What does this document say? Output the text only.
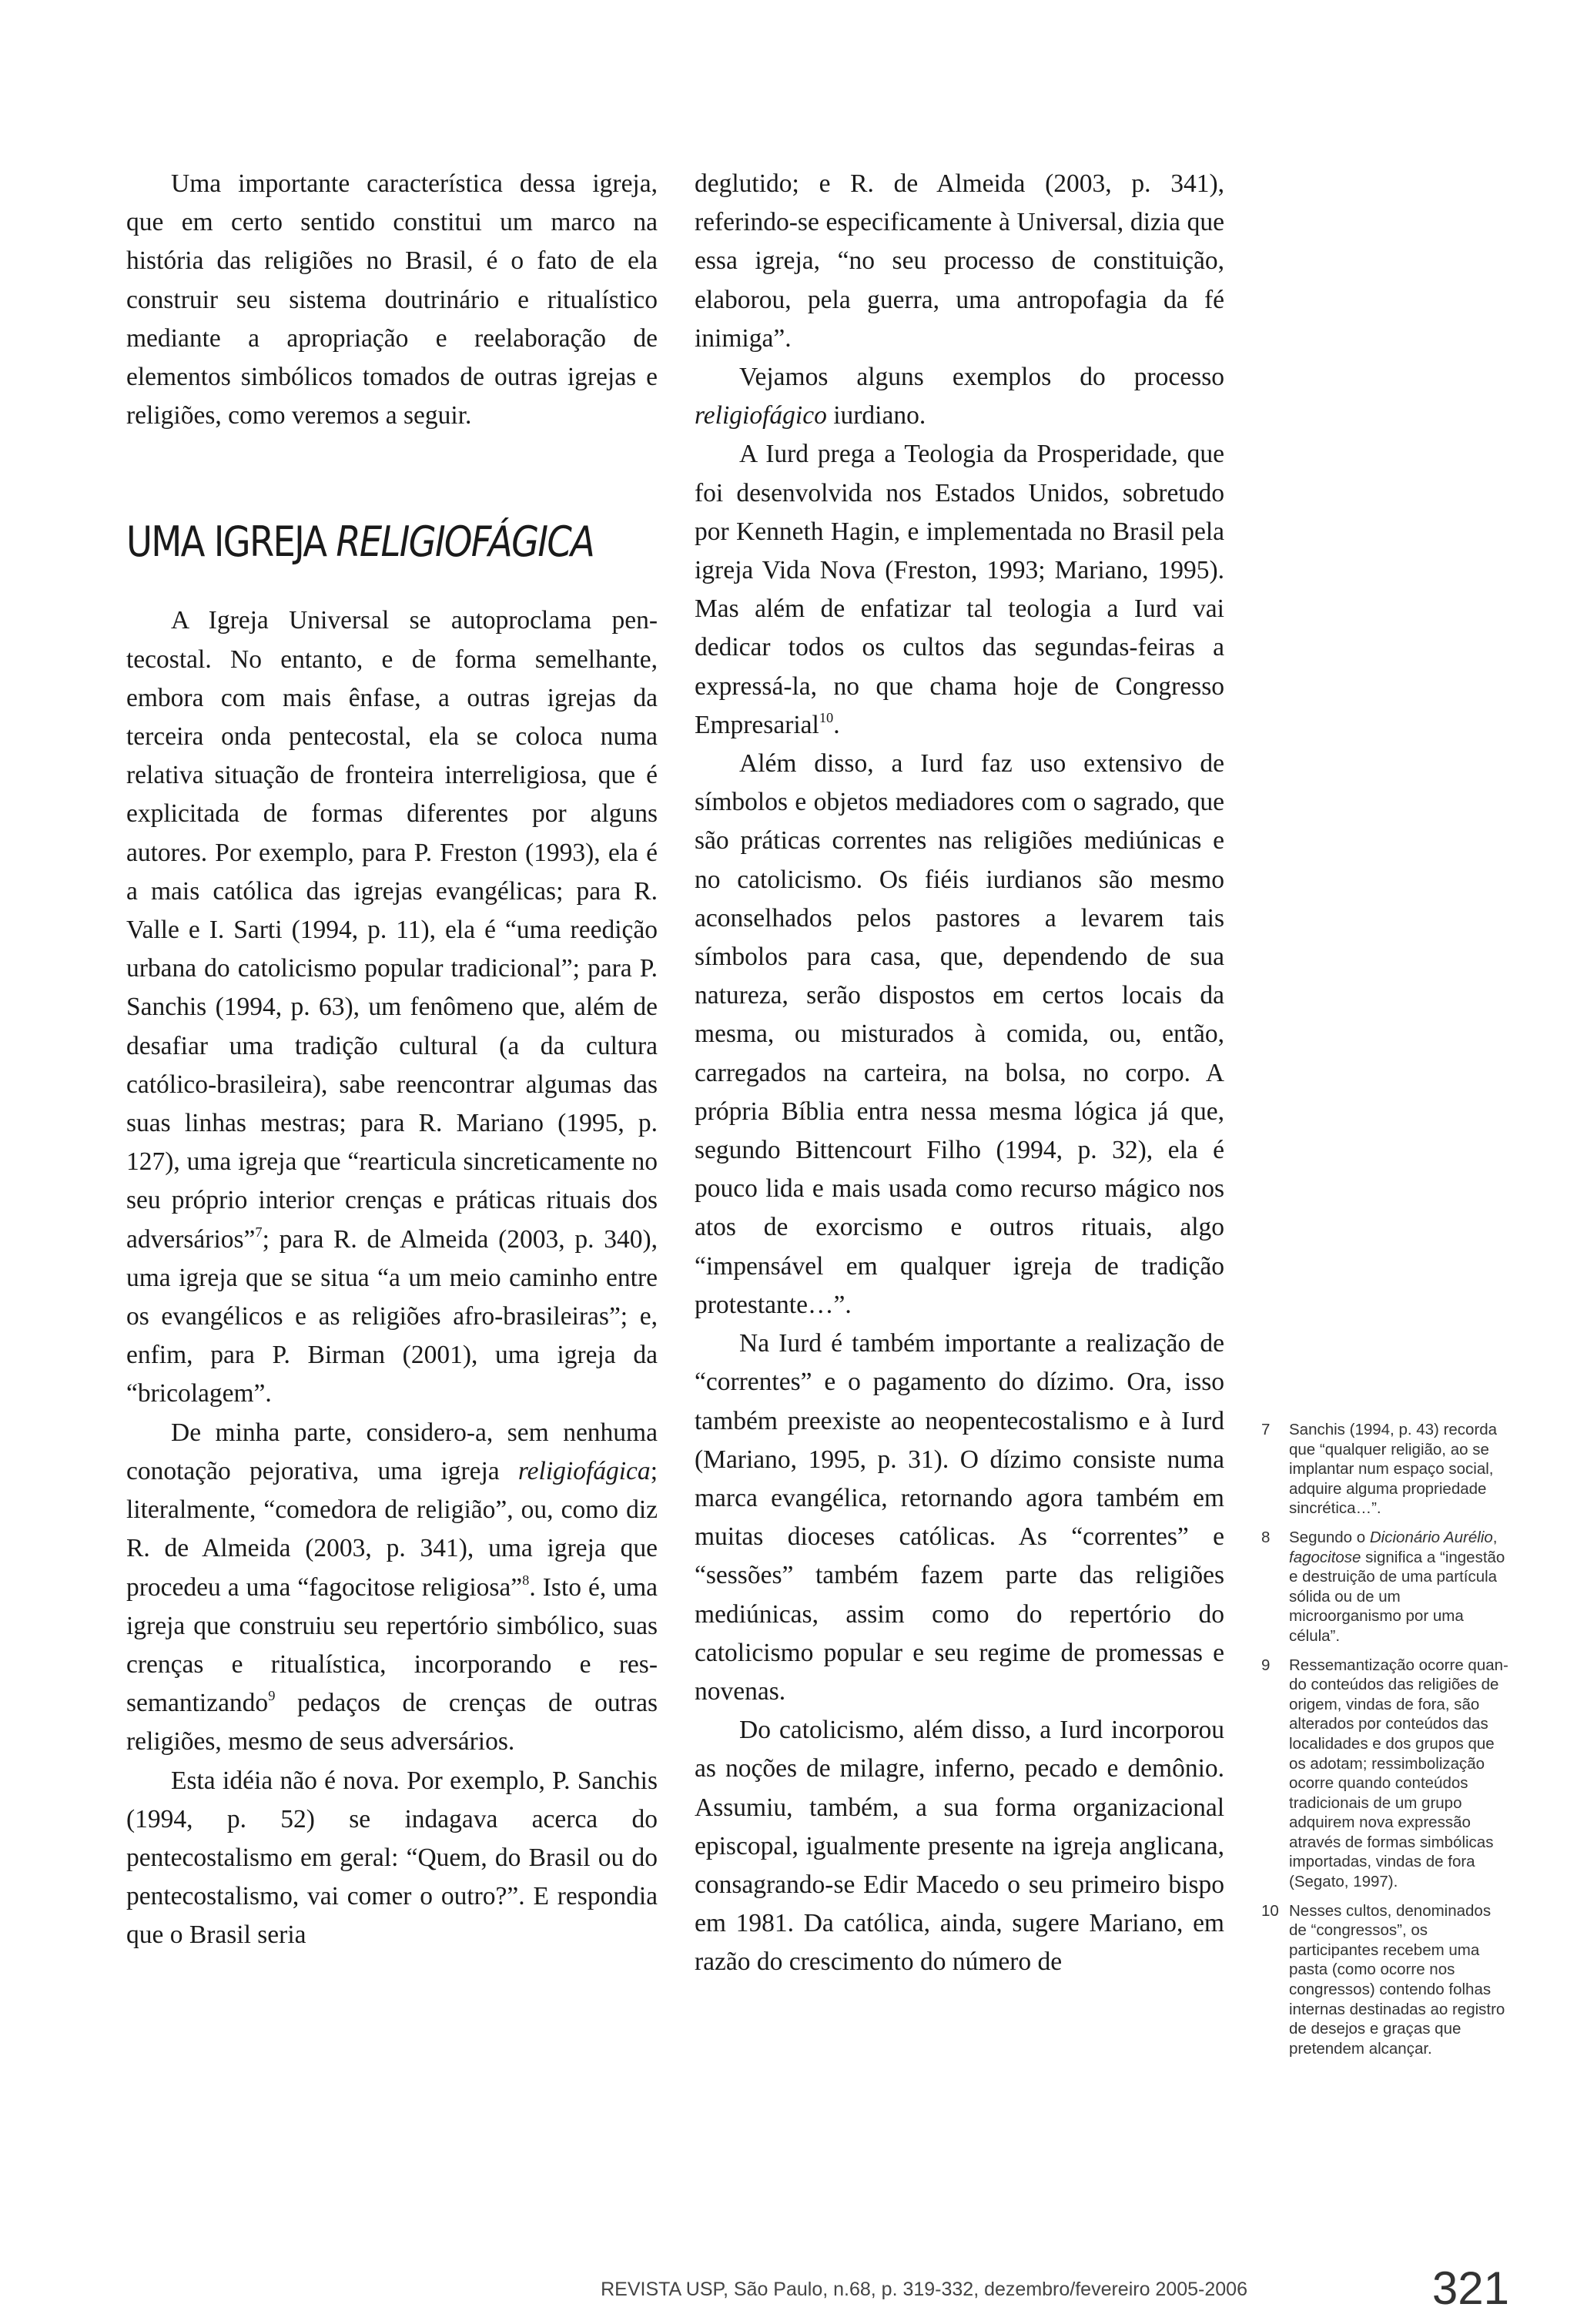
Uma importante característica dessa igreja, que em certo sentido constitui um marco na história das religiões no Brasil, é o fato de ela construir seu sistema doutrinário e ritualístico mediante a apropriação e reelaboração de elementos simbólicos tomados de outras igrejas e religiões, como veremos a seguir.

UMA IGREJA RELIGIOFÁGICA

A Igreja Universal se autoproclama pentecostal. No entanto, e de forma semelhante, embora com mais ênfase, a outras igrejas da terceira onda pentecostal, ela se coloca numa relativa situação de fronteira interreligiosa, que é explicitada de formas diferentes por alguns autores. Por exemplo, para P. Freston (1993), ela é a mais católica das igrejas evangélicas; para R. Valle e I. Sarti (1994, p. 11), ela é “uma reedição urbana do catolicismo popular tradicional”; para P. Sanchis (1994, p. 63), um fenômeno que, além de desafiar uma tradição cultural (a da cultura católico-brasileira), sabe reencontrar algumas das suas linhas mestras; para R. Mariano (1995, p. 127), uma igreja que “rearticula sincreticamente no seu próprio interior crenças e práticas rituais dos adversários”$^7$; para R. de Almeida (2003, p. 340), uma igreja que se situa “a um meio caminho entre os evangélicos e as religiões afro-brasileiras”; e, enfim, para P. Birman (2001), uma igreja da “bricolagem”.

De minha parte, considero-a, sem nenhuma conotação pejorativa, uma igreja religiofágica; literalmente, “comedora de religião”, ou, como diz R. de Almeida (2003, p. 341), uma igreja que procedeu a uma “fagocitose religiosa”$^8$. Isto é, uma igreja que construiu seu repertório simbólico, suas crenças e ritualística, incorporando e ressemantizando$^9$ pedaços de crenças de outras religiões, mesmo de seus adversários.

Esta idéia não é nova. Por exemplo, P. Sanchis (1994, p. 52) se indagava acerca do pentecostalismo em geral: “Quem, do Brasil ou do pentecostalismo, vai comer o outro?”. E respondia que o Brasil seria

deglutido; e R. de Almeida (2003, p. 341), referindo-se especificamente à Universal, dizia que essa igreja, “no seu processo de constituição, elaborou, pela guerra, uma antropofagia da fé inimiga”.

Vejamos alguns exemplos do processo religiofágico iurdiano.

A Iurd prega a Teologia da Prosperidade, que foi desenvolvida nos Estados Unidos, sobretudo por Kenneth Hagin, e implementada no Brasil pela igreja Vida Nova (Freston, 1993; Mariano, 1995). Mas além de enfatizar tal teologia a Iurd vai dedicar todos os cultos das segundas-feiras a expressá-la, no que chama hoje de Congresso Empresarial$^{10}$.

Além disso, a Iurd faz uso extensivo de símbolos e objetos mediadores com o sagrado, que são práticas correntes nas religiões mediúnicas e no catolicismo. Os fiéis iurdianos são mesmo aconselhados pelos pastores a levarem tais símbolos para casa, que, dependendo de sua natureza, serão dispostos em certos locais da mesma, ou misturados à comida, ou, então, carregados na carteira, na bolsa, no corpo. A própria Bíblia entra nessa mesma lógica já que, segundo Bittencourt Filho (1994, p. 32), ela é pouco lida e mais usada como recurso mágico nos atos de exorcismo e outros rituais, algo “impensável em qualquer igreja de tradição protestante…”.

Na Iurd é também importante a realização de “correntes” e o pagamento do dízimo. Ora, isso também preexiste ao neopentecostalismo e à Iurd (Mariano, 1995, p. 31). O dízimo consiste numa marca evangélica, retornando agora também em muitas dioceses católicas. As “correntes” e “sessões” também fazem parte das religiões mediúnicas, assim como do repertório do catolicismo popular e seu regime de promessas e novenas.

Do catolicismo, além disso, a Iurd incorporou as noções de milagre, inferno, pecado e demônio. Assumiu, também, a sua forma organizacional episcopal, igualmente presente na igreja anglicana, consagrando-se Edir Macedo o seu primeiro bispo em 1981. Da católica, ainda, sugere Mariano, em razão do crescimento do número de

7 Sanchis (1994, p. 43) recorda que “qualquer religião, ao se implantar num espaço social, adquire alguma propriedade sincrética…”.
8 Segundo o Dicionário Aurélio, fagocitose significa a “ingestão e destruição de uma partícula sólida ou de um microorganismo por uma célula”.
9 Ressemantização ocorre quando conteúdos das religiões de origem, vindas de fora, são alterados por conteúdos das localidades e dos grupos que os adotam; ressimbolização ocorre quando conteúdos tradicionais de um grupo adquirem nova expressão através de formas simbólicas importadas, vindas de fora (Segato, 1997).
10 Nesses cultos, denominados de “congressos”, os participantes recebem uma pasta (como ocorre nos congressos) contendo folhas internas destinadas ao registro de desejos e graças que pretendem alcançar.
REVISTA USP, São Paulo, n.68, p. 319-332, dezembro/fevereiro 2005-2006	321
